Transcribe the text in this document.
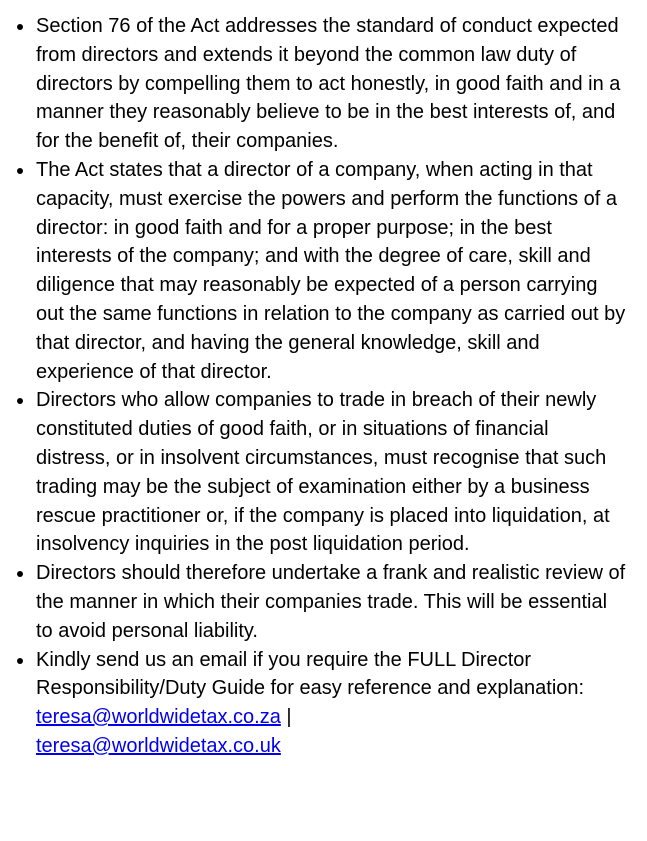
Section 76 of the Act addresses the standard of conduct expected from directors and extends it beyond the common law duty of directors by compelling them to act honestly, in good faith and in a manner they reasonably believe to be in the best interests of, and for the benefit of, their companies.
The Act states that a director of a company, when acting in that capacity, must exercise the powers and perform the functions of a director: in good faith and for a proper purpose; in the best interests of the company; and with the degree of care, skill and diligence that may reasonably be expected of a person carrying out the same functions in relation to the company as carried out by that director, and having the general knowledge, skill and experience of that director.
Directors who allow companies to trade in breach of their newly constituted duties of good faith, or in situations of financial distress, or in insolvent circumstances, must recognise that such trading may be the subject of examination either by a business rescue practitioner or, if the company is placed into liquidation, at insolvency inquiries in the post liquidation period.
Directors should therefore undertake a frank and realistic review of the manner in which their companies trade. This will be essential to avoid personal liability.
Kindly send us an email if you require the FULL Director Responsibility/Duty Guide for easy reference and explanation: teresa@worldwidetax.co.za |
teresa@worldwidetax.co.uk
